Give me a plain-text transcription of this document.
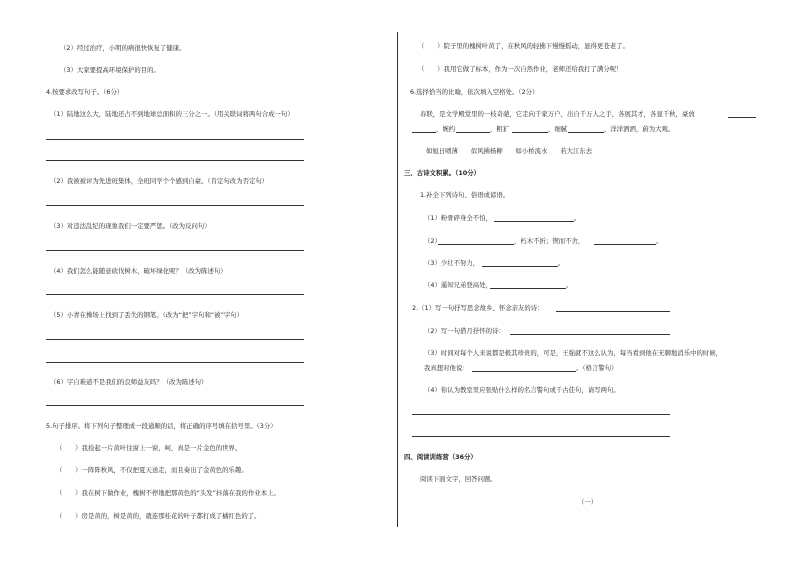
（2）经过治疗，小明的病很快恢复了健康。
（3）大家要提高环境保护的目的。
4.按要求改写句子。（6分）
（1）陆地这么大，陆地还占不到地球总面积的三分之一。（用关联词将两句合成一句）
（2）我被被评为先进班集体，全班同学个个感到自豪。（肯定句改为否定句）
（3）对违法乱纪的现象我们一定要严惩。（改为反问句）
（4）我们怎么能随意砍伐树木，破坏绿化呢？（改为陈述句）
（5）小青在操场上找到了丢失的钢笔。（改为“把”字句和“被”字句）
（6）字自难道不是我们的良师益友吗？（改为陈述句）
5.句子排序。将下列句子整理成一段通顺的话，将正确的序号填在括号里。（3分）
（　　）我捡起一片黄叶往窗上一窗，呵，真是一片金色的世界。
（　　）一阵阵秋风，不仅把夏天送走，而且奏出了金黄色的乐趣。
（　　）我在树下做作业，槐树不停地把那黄色的“头发”抖落在我的作业本上。
（　　）房是黄的，树是黄的，就连那桂花的叶子都打成了橘红色的了。
（　　）院子里的槐树叶黄了，在秋风的轻拂下慢慢摇动，显得更苍老了。
（　　）我用它做了标本，作为一次自然作业，老师还给我打了满分呢！
6.选择恰当的比喻，依次填入空格处。（2分）
春联，是文学殿堂里的一枝奇葩，它走向千家万户，出自千万人之手，各展其才，各显千秋，豪放
，婉约	，粗犷	，细腻	，洋洋洒洒，蔚为大观。
如旭日喷薄　　似风拂杨柳　　如小桥流水　　若大江东去
三、古诗文积累。（10分）
1.补全下列诗句、俗语或谚语。
（1）粉骨碎身全不怕，	。
（2）	，朽木不折；锲而不舍，	。
（3）少壮不努力，	。
（4）遥知兄弟登高处，	。
2.（1）写一句抒写思念故乡、怀念亲友的诗：
（2）写一句借月抒怀的诗：
（3）时间对每个人来说都是极其珍贵的，可是，王强就不这么认为，每当看到他在无聊地消乐中的时候，
我真想对他说：	。（格言警句）
（4）你认为教室里应张贴什么样的名言警句或千古佳句，请写两句。
四、阅读训练营（36分）
阅读下面文字，回答问题。
（一）
